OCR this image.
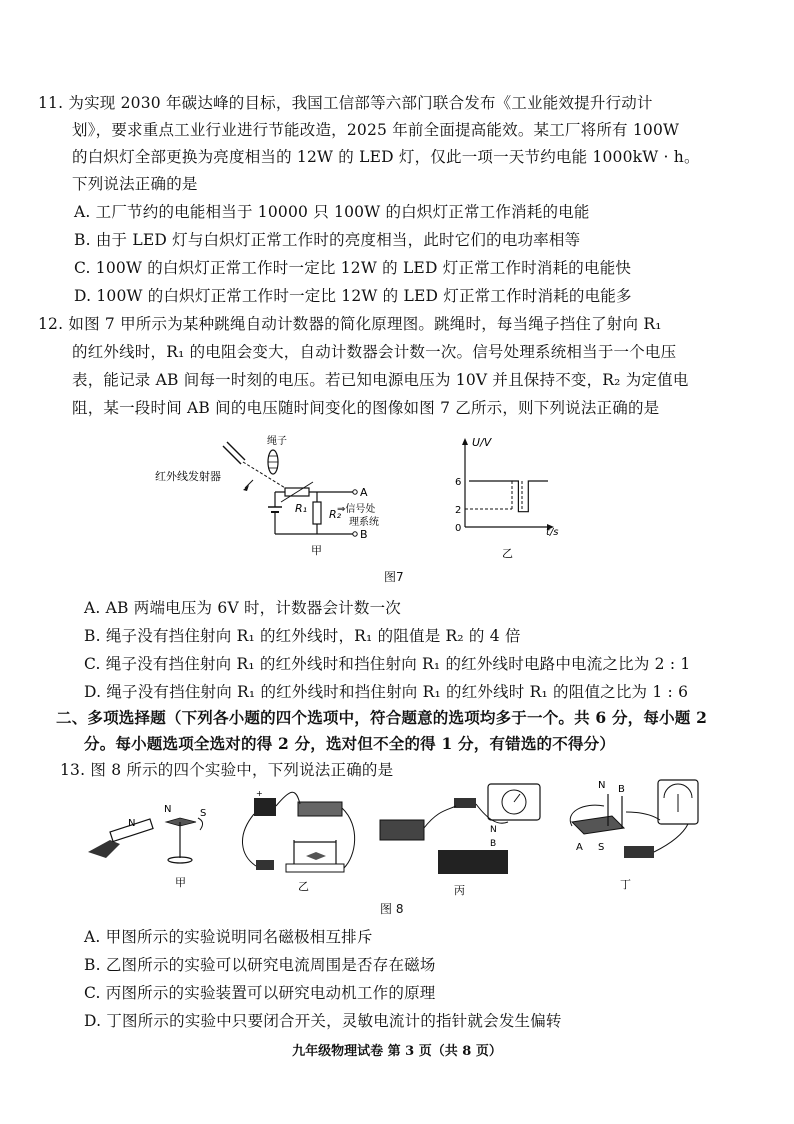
11. 为实现 2030 年碳达峰的目标，我国工信部等六部门联合发布《工业能效提升行动计
划》，要求重点工业行业进行节能改造，2025 年前全面提高能效。某工厂将所有 100W
的白炽灯全部更换为亮度相当的 12W 的 LED 灯，仅此一项一天节约电能 1000kW · h。
下列说法正确的是
A. 工厂节约的电能相当于 10000 只 100W 的白炽灯正常工作消耗的电能
B. 由于 LED 灯与白炽灯正常工作时的亮度相当，此时它们的电功率相等
C. 100W 的白炽灯正常工作时一定比 12W 的 LED 灯正常工作时消耗的电能快
D. 100W 的白炽灯正常工作时一定比 12W 的 LED 灯正常工作时消耗的电能多
12. 如图 7 甲所示为某种跳绳自动计数器的简化原理图。跳绳时，每当绳子挡住了射向 R₁
的红外线时，R₁ 的电阻会变大，自动计数器会计数一次。信号处理系统相当于一个电压
表，能记录 AB 间每一时刻的电压。若已知电源电压为 10V 并且保持不变，R₂ 为定值电
阻，某一段时间 AB 间的电压随时间变化的图像如图 7 乙所示，则下列说法正确的是
红外线发射器
绳子
R₁ R₂
A
B
⇒信号处
理系统
甲
U/V
t/s
6
2
0
乙
图7
A. AB 两端电压为 6V 时，计数器会计数一次
B. 绳子没有挡住射向 R₁ 的红外线时，R₁ 的阻值是 R₂ 的 4 倍
C. 绳子没有挡住射向 R₁ 的红外线时和挡住射向 R₁ 的红外线时电路中电流之比为 2 : 1
D. 绳子没有挡住射向 R₁ 的红外线时和挡住射向 R₁ 的红外线时 R₁ 的阻值之比为 1 : 6
二、多项选择题（下列各小题的四个选项中，符合题意的选项均多于一个。共 6 分，每小题 2
分。每小题选项全选对的得 2 分，选对但不全的得 1 分，有错选的不得分）
13. 图 8 所示的四个实验中，下列说法正确的是
N
N	S
甲
+
乙
N
B
丙
N B
A S
丁
图 8
A. 甲图所示的实验说明同名磁极相互排斥
B. 乙图所示的实验可以研究电流周围是否存在磁场
C. 丙图所示的实验装置可以研究电动机工作的原理
D. 丁图所示的实验中只要闭合开关，灵敏电流计的指针就会发生偏转
九年级物理试卷 第 3 页（共 8 页）
